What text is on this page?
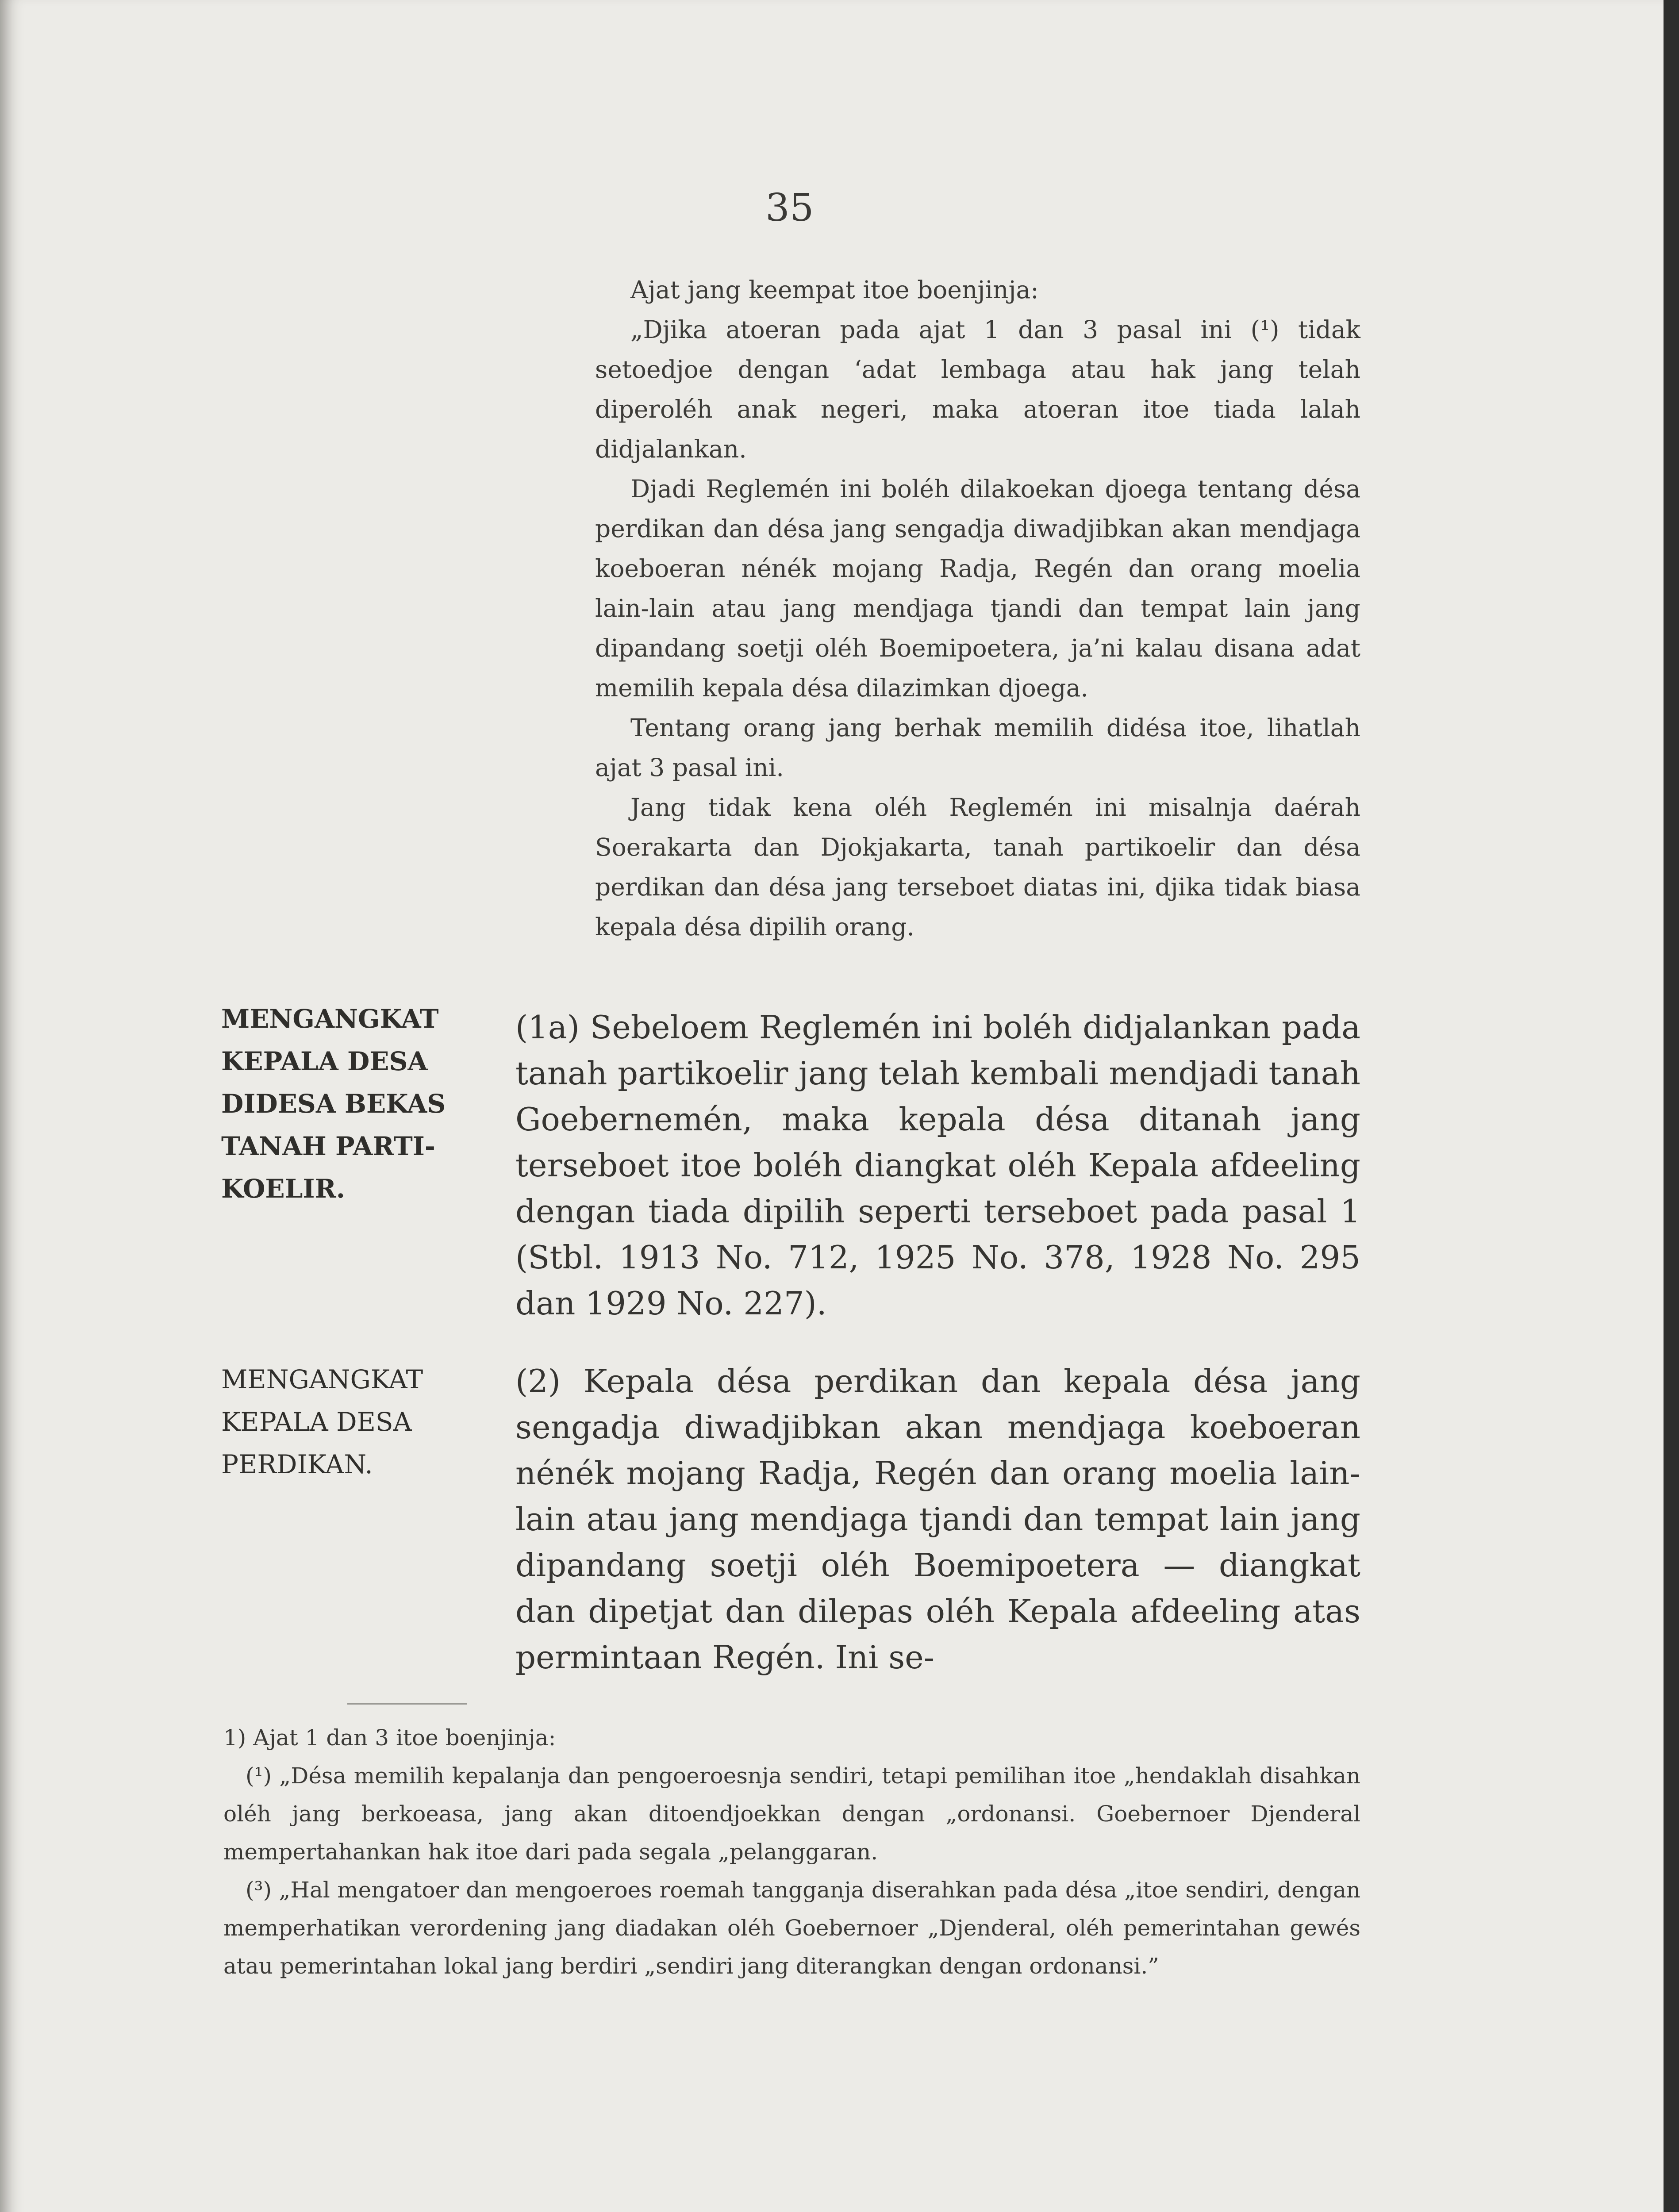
35

Ajat jang keempat itoe boenjinja:

„Djika atoeran pada ajat 1 dan 3 pasal ini (¹) tidak setoedjoe dengan ‘adat lembaga atau hak jang telah diperoléh anak negeri, maka atoeran itoe tiada lalah didjalankan.

Djadi Reglemén ini boléh dilakoekan djoega tentang désa perdikan dan désa jang sengadja diwadjibkan akan mendjaga koeboeran nénék mojang Radja, Regén dan orang moelia lain-lain atau jang mendjaga tjandi dan tempat lain jang dipandang soetji oléh Boemipoetera, ja’ni kalau disana adat memilih kepala désa dilazimkan djoega.

Tentang orang jang berhak memilih didésa itoe, lihatlah ajat 3 pasal ini.

Jang tidak kena oléh Reglemén ini misalnja daérah Soerakarta dan Djokjakarta, tanah partikoelir dan désa perdikan dan désa jang terseboet diatas ini, djika tidak biasa kepala désa dipilih orang.

MENGANGKAT
KEPALA DESA
DIDESA BEKAS
TANAH PARTI-
KOELIR.

(1a) Sebeloem Reglemén ini boléh didjalankan pada tanah partikoelir jang telah kembali mendjadi tanah Goebernemén, maka kepala désa ditanah jang terseboet itoe boléh diangkat oléh Kepala afdeeling dengan tiada dipilih seperti terseboet pada pasal 1 (Stbl. 1913 No. 712, 1925 No. 378, 1928 No. 295 dan 1929 No. 227).

MENGANGKAT
KEPALA DESA
PERDIKAN.

(2) Kepala désa perdikan dan kepala désa jang sengadja diwadjibkan akan mendjaga koeboeran nénék mojang Radja, Regén dan orang moelia lain-lain atau jang mendjaga tjandi dan tempat lain jang dipandang soetji oléh Boemipoetera — diangkat dan dipetjat dan dilepas oléh Kepala afdeeling atas permintaan Regén. Ini se-

1) Ajat 1 dan 3 itoe boenjinja:

(¹) „Désa memilih kepalanja dan pengoeroesnja sendiri, tetapi pemilihan itoe „hendaklah disahkan oléh jang berkoeasa, jang akan ditoendjoekkan dengan „ordonansi. Goebernoer Djenderal mempertahankan hak itoe dari pada segala „pelanggaran.

(³) „Hal mengatoer dan mengoeroes roemah tangganja diserahkan pada désa „itoe sendiri, dengan memperhatikan verordening jang diadakan oléh Goebernoer „Djenderal, oléh pemerintahan gewés atau pemerintahan lokal jang berdiri „sendiri jang diterangkan dengan ordonansi.”
